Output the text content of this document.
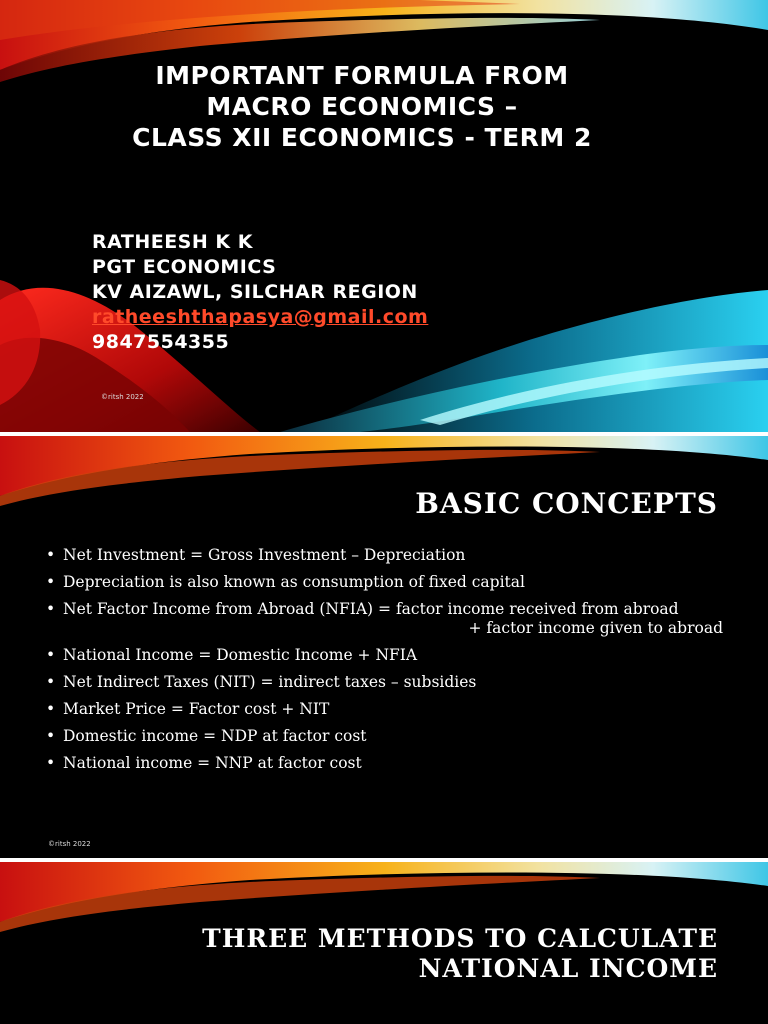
IMPORTANT FORMULA FROM
MACRO ECONOMICS –
CLASS XII ECONOMICS - TERM 2
RATHEESH K K
PGT ECONOMICS
KV AIZAWL, SILCHAR REGION
ratheeshthapasya@gmail.com
9847554355
©ritsh 2022
BASIC CONCEPTS
• Net Investment = Gross Investment – Depreciation
• Depreciation is also known as consumption of fixed capital
• Net Factor Income from Abroad (NFIA) = factor income received from abroad
+ factor income given to abroad
• National Income = Domestic Income + NFIA
• Net Indirect Taxes (NIT) = indirect taxes – subsidies
• Market Price = Factor cost + NIT
• Domestic income = NDP at factor cost
• National income = NNP at factor cost
©ritsh 2022
THREE METHODS TO CALCULATE
NATIONAL INCOME
